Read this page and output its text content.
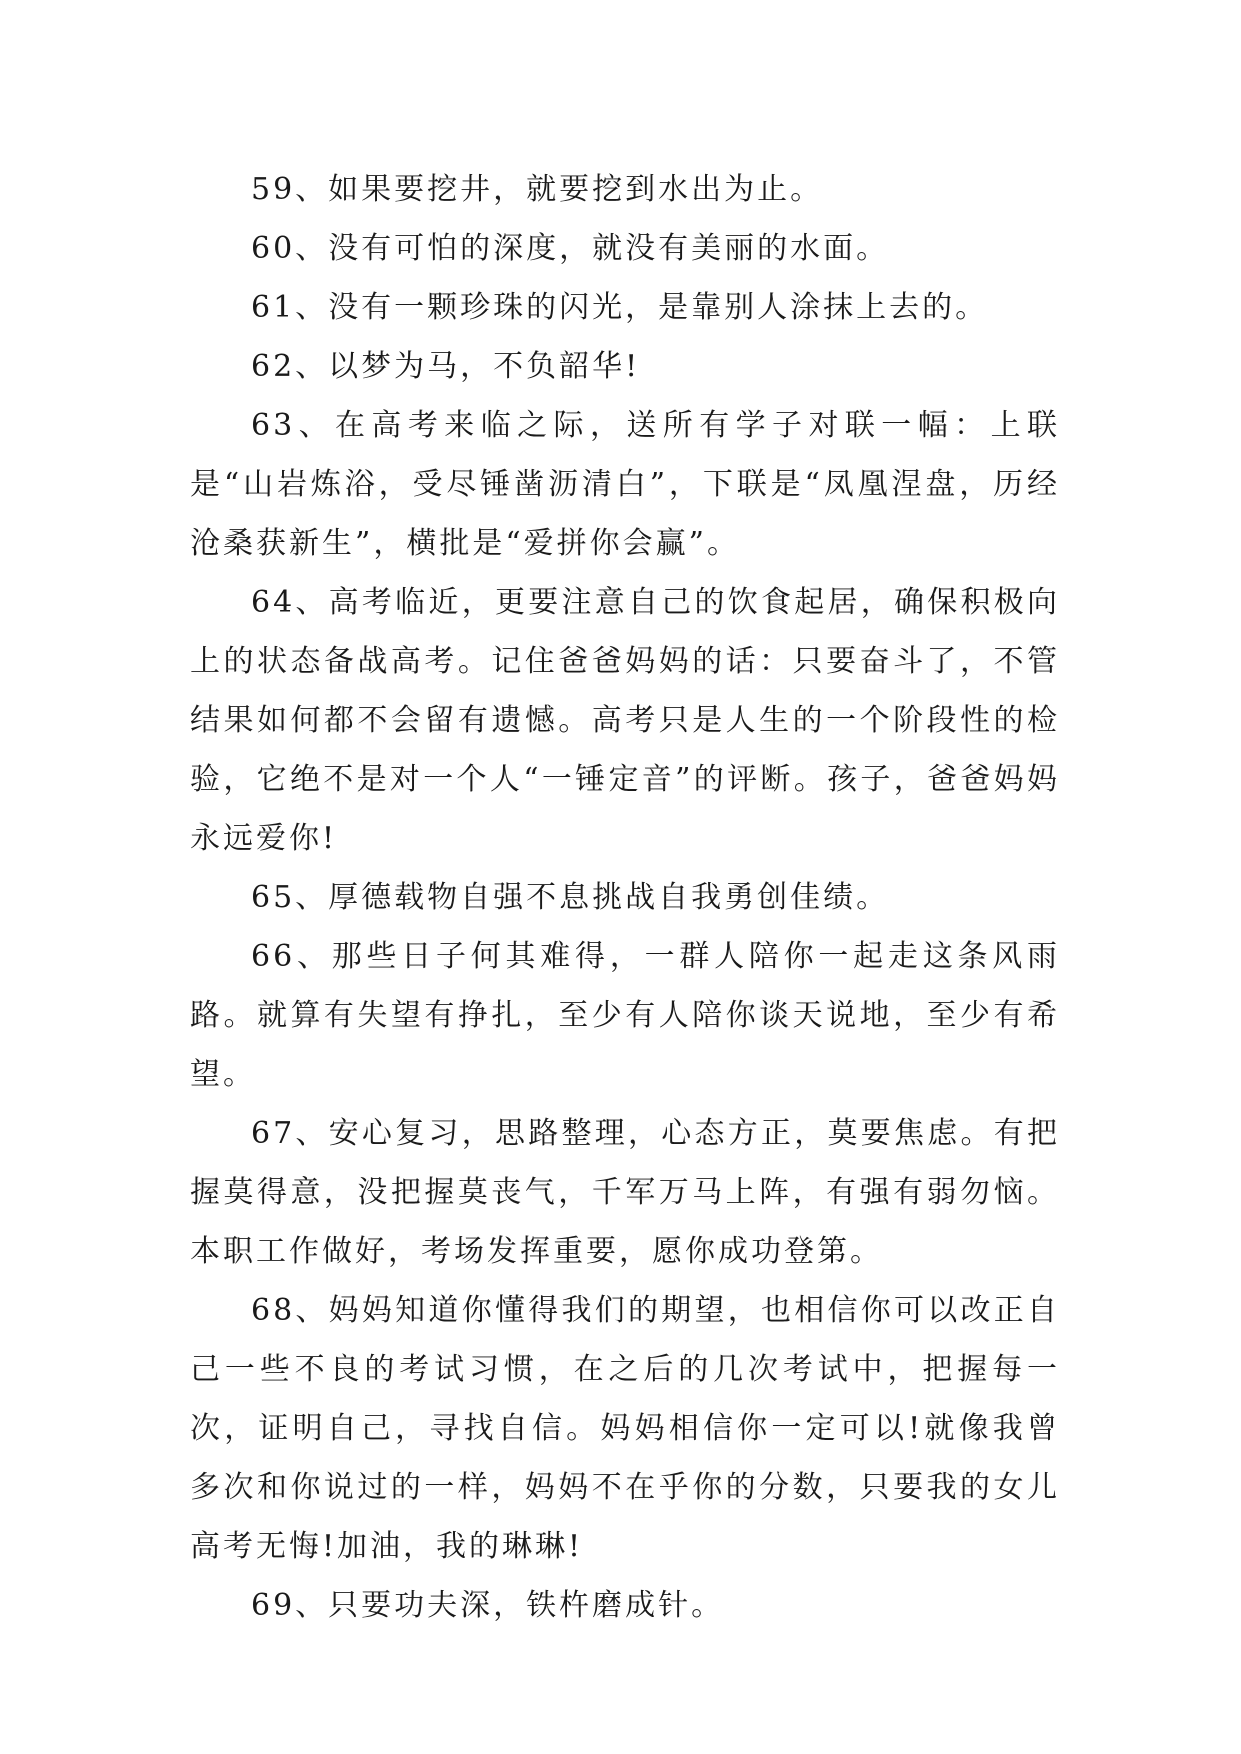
59、如果要挖井，就要挖到水出为止。

60、没有可怕的深度，就没有美丽的水面。

61、没有一颗珍珠的闪光，是靠别人涂抹上去的。

62、以梦为马，不负韶华!

63、在高考来临之际，送所有学子对联一幅：上联是“山岩炼浴，受尽锤凿沥清白”，下联是“凤凰涅盘，历经沧桑获新生”，横批是“爱拼你会赢”。

64、高考临近，更要注意自己的饮食起居，确保积极向上的状态备战高考。记住爸爸妈妈的话：只要奋斗了，不管结果如何都不会留有遗憾。高考只是人生的一个阶段性的检验，它绝不是对一个人“一锤定音”的评断。孩子，爸爸妈妈永远爱你!

65、厚德载物自强不息挑战自我勇创佳绩。

66、那些日子何其难得，一群人陪你一起走这条风雨路。就算有失望有挣扎，至少有人陪你谈天说地，至少有希望。

67、安心复习，思路整理，心态方正，莫要焦虑。有把握莫得意，没把握莫丧气，千军万马上阵，有强有弱勿恼。本职工作做好，考场发挥重要，愿你成功登第。

68、妈妈知道你懂得我们的期望，也相信你可以改正自己一些不良的考试习惯，在之后的几次考试中，把握每一次，证明自己，寻找自信。妈妈相信你一定可以!就像我曾多次和你说过的一样，妈妈不在乎你的分数，只要我的女儿高考无悔!加油，我的琳琳!

69、只要功夫深，铁杵磨成针。
